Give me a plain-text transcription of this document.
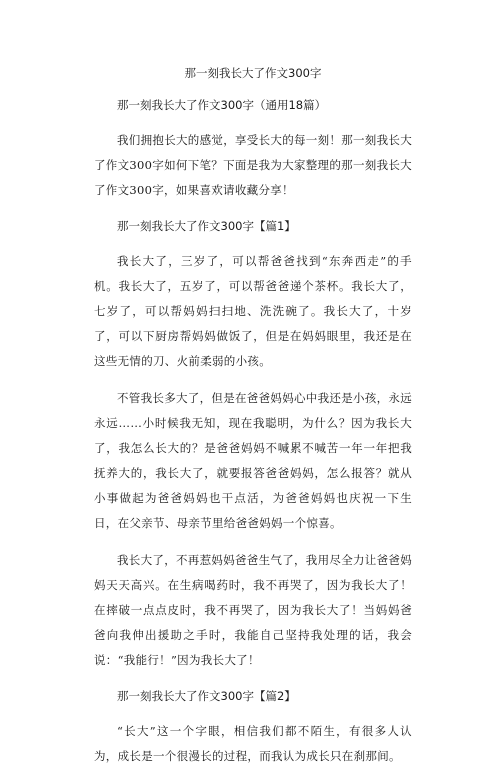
那一刻我长大了作文300字
那一刻我长大了作文300字（通用18篇）

我们拥抱长大的感觉，享受长大的每一刻！那一刻我长大了作文300字如何下笔？下面是我为大家整理的那一刻我长大了作文300字，如果喜欢请收藏分享！

那一刻我长大了作文300字【篇1】

我长大了，三岁了，可以帮爸爸找到“东奔西走”的手机。我长大了，五岁了，可以帮爸爸递个茶杯。我长大了，七岁了，可以帮妈妈扫扫地、洗洗碗了。我长大了，十岁了，可以下厨房帮妈妈做饭了，但是在妈妈眼里，我还是在这些无情的刀、火前柔弱的小孩。

不管我长多大了，但是在爸爸妈妈心中我还是小孩，永远永远……小时候我无知，现在我聪明，为什么？因为我长大了，我怎么长大的？是爸爸妈妈不喊累不喊苦一年一年把我抚养大的，我长大了，就要报答爸爸妈妈，怎么报答？就从小事做起为爸爸妈妈也干点活，为爸爸妈妈也庆祝一下生日，在父亲节、母亲节里给爸爸妈妈一个惊喜。

我长大了，不再惹妈妈爸爸生气了，我用尽全力让爸爸妈妈天天高兴。在生病喝药时，我不再哭了，因为我长大了！在摔破一点点皮时，我不再哭了，因为我长大了！当妈妈爸爸向我伸出援助之手时，我能自己坚持我处理的话，我会说：“我能行！”因为我长大了！

那一刻我长大了作文300字【篇2】

“长大”这一个字眼，相信我们都不陌生，有很多人认为，成长是一个很漫长的过程，而我认为成长只在刹那间。
